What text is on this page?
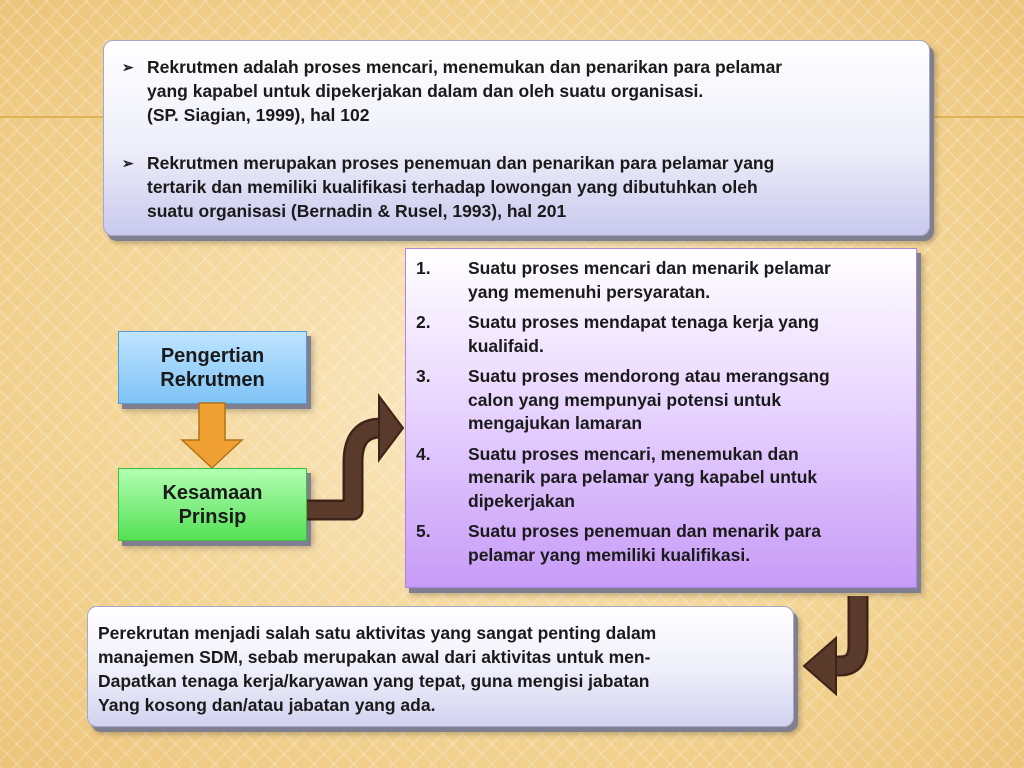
➢ Rekrutmen adalah proses mencari, menemukan dan penarikan para pelamar
yang kapabel untuk dipekerjakan dalam dan oleh suatu organisasi.
(SP. Siagian, 1999), hal 102
➢ Rekrutmen merupakan proses penemuan dan penarikan para pelamar yang
tertarik dan memiliki kualifikasi terhadap lowongan yang dibutuhkan oleh
suatu organisasi (Bernadin & Rusel, 1993), hal 201
Pengertian
Rekrutmen
Kesamaan
Prinsip
1.	Suatu proses mencari dan menarik pelamar
yang memenuhi persyaratan.
2.	Suatu proses mendapat tenaga kerja yang
kualifaid.
3.	Suatu proses mendorong atau merangsang
calon yang mempunyai potensi untuk
mengajukan lamaran
4.	Suatu proses mencari, menemukan dan
menarik para pelamar yang kapabel untuk
dipekerjakan
5.	Suatu proses penemuan dan menarik para
pelamar yang memiliki kualifikasi.
Perekrutan menjadi salah satu aktivitas yang sangat penting dalam
manajemen SDM, sebab merupakan awal dari aktivitas untuk men-
Dapatkan tenaga kerja/karyawan yang tepat, guna mengisi jabatan
Yang kosong dan/atau jabatan yang ada.
